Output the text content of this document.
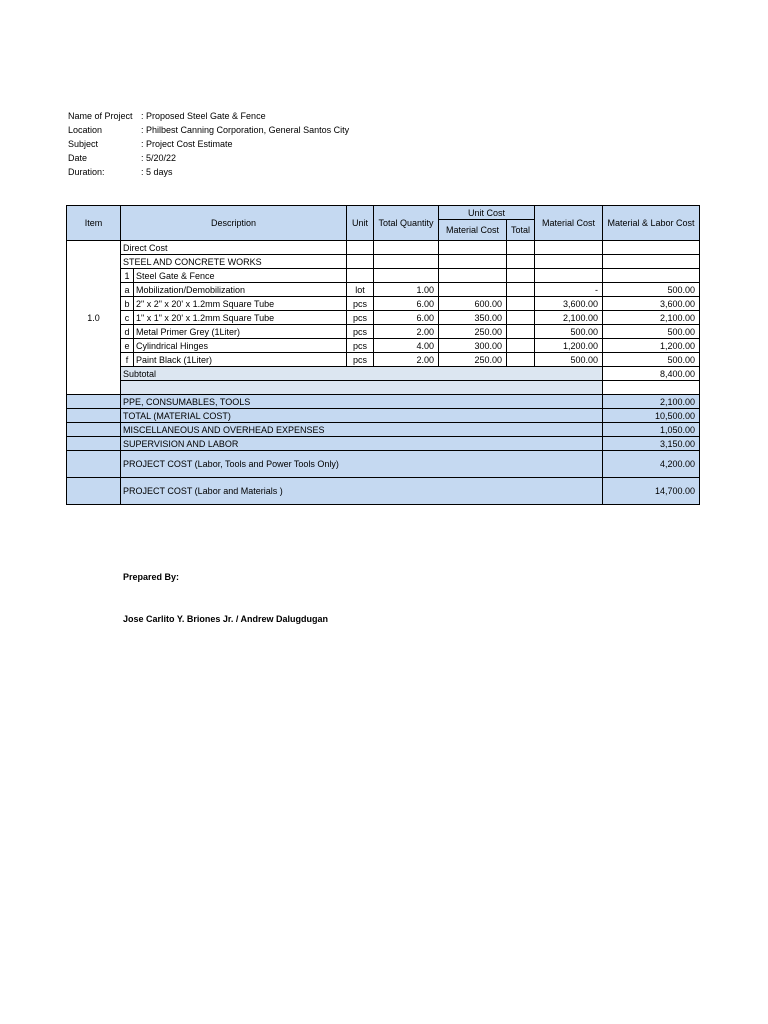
Name of Project : Proposed Steel Gate & Fence
Location	: Philbest Canning Corporation, General Santos City
Subject	: Project Cost Estimate
Date	: 5/20/22
Duration:	: 5 days
Item	Description		Unit	Total Quantity	Unit Cost		Material Cost	Material & Labor Cost
					Material Cost	Total		
1.0	Direct Cost							
	STEEL AND CONCRETE WORKS							
	1	Steel Gate & Fence						
	a	Mobilization/Demobilization	lot	1.00			-	500.00
	b	2" x 2" x 20' x 1.2mm Square Tube	pcs	6.00	600.00		3,600.00	3,600.00
	c	1" x 1" x 20' x 1.2mm Square Tube	pcs	6.00	350.00		2,100.00	2,100.00
	d	Metal Primer Grey (1Liter)	pcs	2.00	250.00		500.00	500.00
	e	Cylindrical Hinges	pcs	4.00	300.00		1,200.00	1,200.00
	f	Paint Black (1Liter)	pcs	2.00	250.00		500.00	500.00
	Subtotal							8,400.00

	PPE, CONSUMABLES, TOOLS							2,100.00
	TOTAL (MATERIAL COST)							10,500.00
	MISCELLANEOUS AND OVERHEAD EXPENSES							1,050.00
	SUPERVISION AND LABOR							3,150.00
	PROJECT COST (Labor, Tools and Power Tools Only)							4,200.00
	PROJECT COST (Labor and Materials )							14,700.00
Prepared By:
Jose Carlito Y. Briones Jr. / Andrew Dalugdugan
